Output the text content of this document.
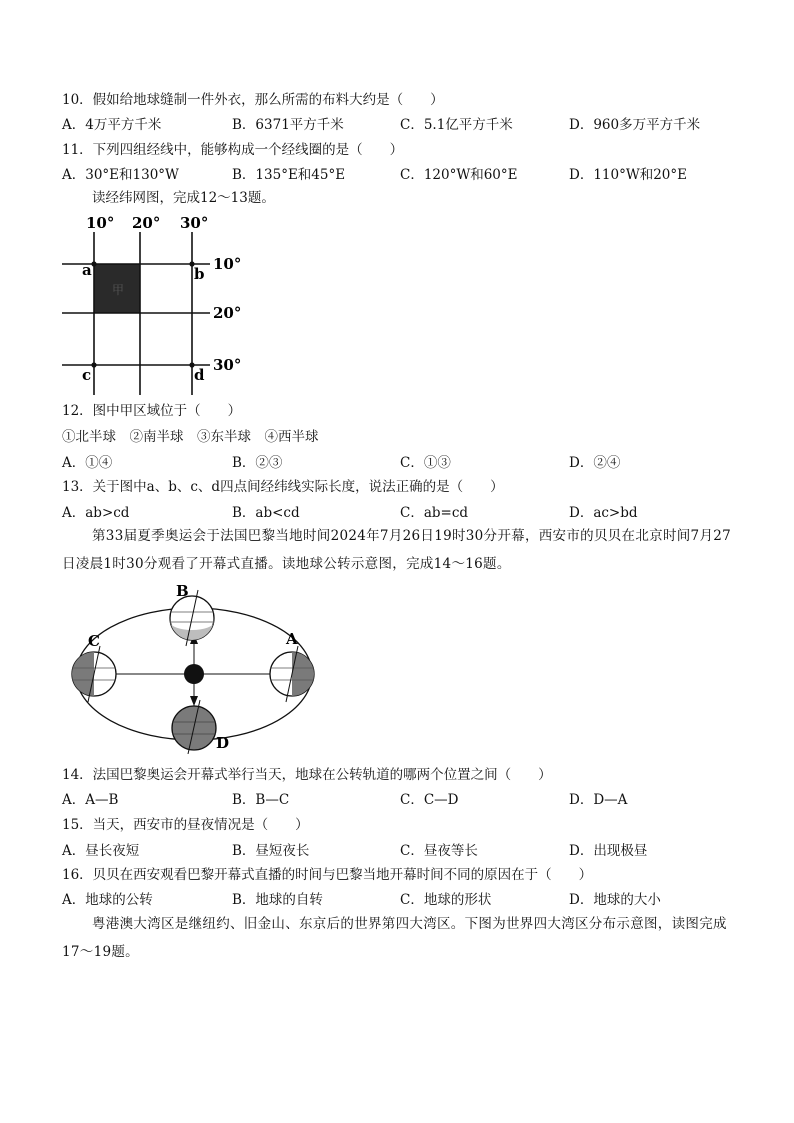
10．假如给地球缝制一件外衣，那么所需的布料大约是（　　）
A．4万平方千米	B．6371平方千米	C．5.1亿平方千米	D．960多万平方千米
11．下列四组经线中，能够构成一个经线圈的是（　　）
A．30°E和130°W	B．135°E和45°E	C．120°W和60°E	D．110°W和20°E
读经纬网图，完成12～13题。
甲
10° 20° 30°
10°
20°
30°
a	b
c	d
12．图中甲区域位于（　　）
①北半球　②南半球　③东半球　④西半球
A．①④	B．②③	C．①③	D．②④
13．关于图中a、b、c、d四点间经纬线实际长度，说法正确的是（　　）
A．ab>cd	B．ab<cd	C．ab=cd	D．ac>bd
第33届夏季奥运会于法国巴黎当地时间2024年7月26日19时30分开幕，西安市的贝贝在北京时间7月27日凌晨1时30分观看了开幕式直播。读地球公转示意图，完成14～16题。
A
B
C
D
14．法国巴黎奥运会开幕式举行当天，地球在公转轨道的哪两个位置之间（　　）
A．A—B	B．B—C	C．C—D	D．D—A
15．当天，西安市的昼夜情况是（　　）
A．昼长夜短	B．昼短夜长	C．昼夜等长	D．出现极昼
16．贝贝在西安观看巴黎开幕式直播的时间与巴黎当地开幕时间不同的原因在于（　　）
A．地球的公转	B．地球的自转	C．地球的形状	D．地球的大小
粤港澳大湾区是继纽约、旧金山、东京后的世界第四大湾区。下图为世界四大湾区分布示意图，读图完成17～19题。
